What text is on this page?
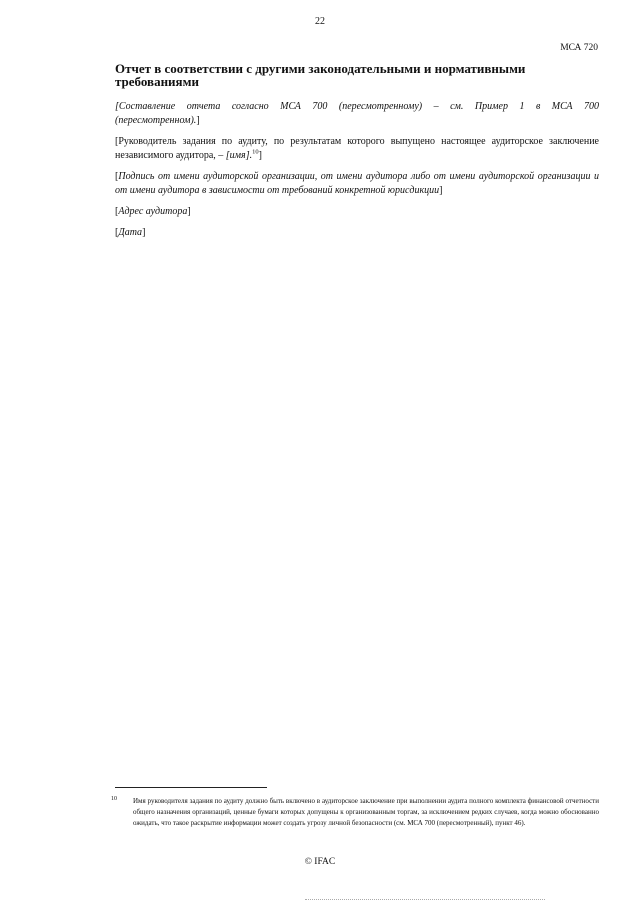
22
МСА 720
Отчет в соответствии с другими законодательными и нормативными требованиями
[Составление отчета согласно МСА 700 (пересмотренному) – см. Пример 1 в МСА 700
(пересмотренном).]

[Руководитель задания по аудиту, по результатам которого выпущено настоящее аудиторское заключение независимого аудитора, – [имя].$^{10}$]

[Подпись от имени аудиторской организации, от имени аудитора либо от имени аудиторской организации и от имени аудитора в зависимости от требований конкретной юрисдикции]

[Адрес аудитора]

[Дата]

10 Имя руководителя задания по аудиту должно быть включено в аудиторское заключение при выполнении аудита полного комплекта финансовой отчетности общего назначения организаций, ценные бумаги которых допущены к организованным торгам, за исключением редких случаев, когда можно обоснованно ожидать, что такое раскрытие информации может создать угрозу личной безопасности (см. МСА 700 (пересмотренный), пункт 46).
© IFAC
